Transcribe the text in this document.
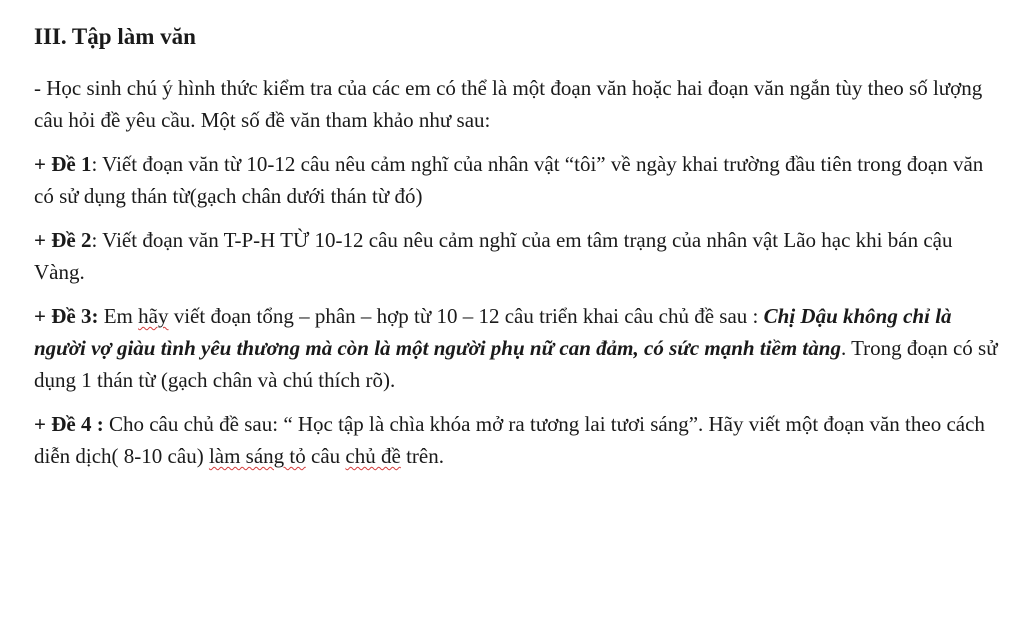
III. Tập làm văn
- Học sinh chú ý hình thức kiểm tra của các em có thể là một đoạn văn hoặc hai đoạn văn ngắn tùy theo số lượng câu hỏi đề yêu cầu. Một số đề văn tham khảo như sau:
+ Đề 1: Viết đoạn văn từ 10-12 câu nêu cảm nghĩ của nhân vật “tôi” về ngày khai trường đầu tiên trong đoạn văn có sử dụng thán từ(gạch chân dưới thán từ đó)
+ Đề 2: Viết đoạn văn T-P-H TỪ 10-12 câu nêu cảm nghĩ của em tâm trạng của nhân vật Lão hạc khi bán cậu Vàng.
+ Đề 3: Em hãy viết đoạn tổng – phân – hợp từ 10 – 12 câu triển khai câu chủ đề sau : Chị Dậu không chỉ là người vợ giàu tình yêu thương mà còn là một người phụ nữ can đảm, có sức mạnh tiềm tàng. Trong đoạn có sử dụng 1 thán từ (gạch chân và chú thích rõ).
+ Đề 4 : Cho câu chủ đề sau: “ Học tập là chìa khóa mở ra tương lai tươi sáng”. Hãy viết một đoạn văn theo cách diễn dịch( 8-10 câu) làm sáng tỏ câu chủ đề trên.
